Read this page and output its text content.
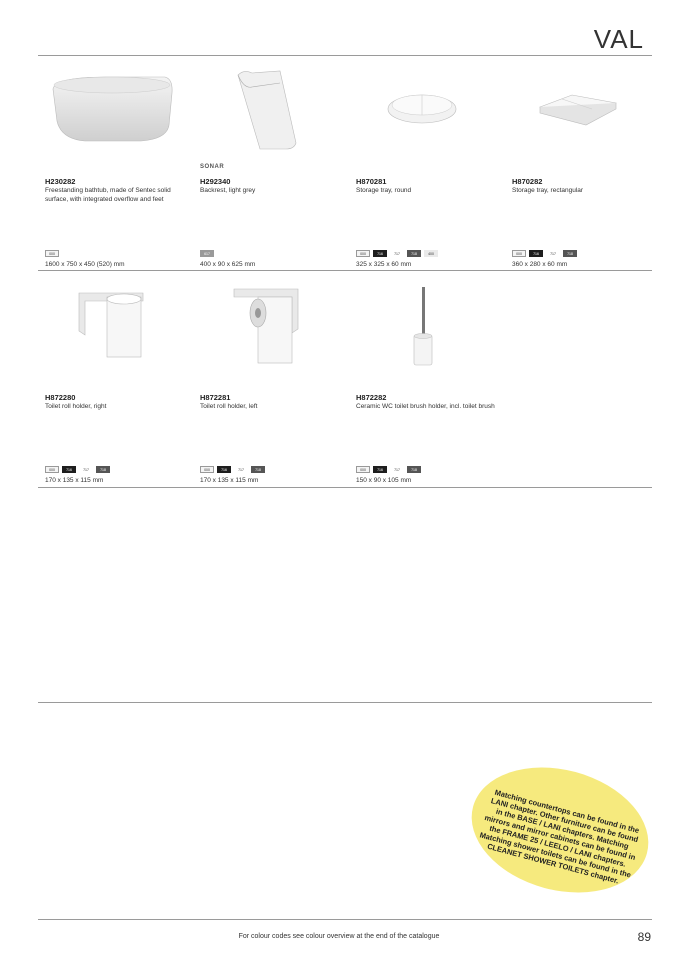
VAL
H230282
Freestanding bathtub, made of Sentec solid surface, with integrated overflow and feet
000
1600 x 750 x 450 (520) mm
SONAR
H292340
Backrest, light grey
617
400 x 90 x 625 mm
H870281
Storage tray, round
000	716	717	718	400
325 x 325 x 60 mm
H870282
Storage tray, rectangular
000	716	717	718
360 x 280 x 60 mm
H872280
Toilet roll holder, right
000	716	717	718
170 x 135 x 115 mm
H872281
Toilet roll holder, left
000	716	717	718
170 x 135 x 115 mm
H872282
Ceramic WC toilet brush holder, incl. toilet brush
000	716	717	718
150 x 90 x 105 mm
Matching countertops can be found in the LANI chapter. Other furniture can be found in the BASE / LANI chapters. Matching mirrors and mirror cabinets can be found in the FRAME 25 / LEELO / LANI chapters. Matching shower toilets can be found in the CLEANET SHOWER TOILETS chapter.
For colour codes see colour overview at the end of the catalogue	89
